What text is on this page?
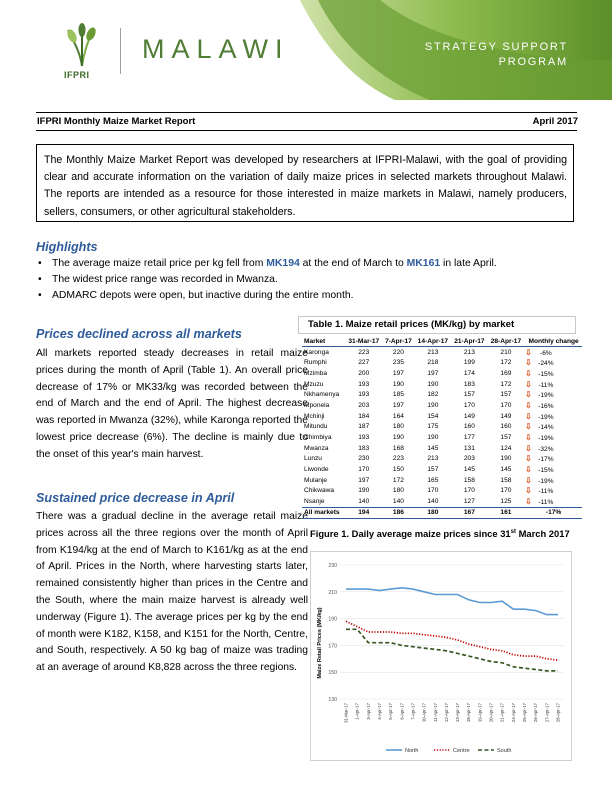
IFPRI
MALAWI	STRATEGY SUPPORT
PROGRAM
IFPRI Monthly Maize Market Report	April 2017
The Monthly Maize Market Report was developed by researchers at IFPRI-Malawi, with the goal of providing clear and accurate information on the variation of daily maize prices in selected markets throughout Malawi. The reports are intended as a resource for those interested in maize markets in Malawi, namely producers, sellers, consumers, or other agricultural stakeholders.
Highlights
• The average maize retail price per kg fell from MK194 at the end of March to MK161 in late April.
• The widest price range was recorded in Mwanza.
• ADMARC depots were open, but inactive during the entire month.
Prices declined across all markets
All markets reported steady decreases in retail maize prices during the month of April (Table 1). An overall price decrease of 17% or MK33/kg was recorded between the end of March and the end of April. The highest decrease was reported in Mwanza (32%), while Karonga reported the lowest price decrease (6%). The decline is mainly due to the onset of this year's main harvest.
Sustained price decrease in April
There was a gradual decline in the average retail maize prices across all the three regions over the month of April from K194/kg at the end of March to K161/kg as at the end of April. Prices in the North, where harvesting starts later, remained consistently higher than prices in the Centre and the South, where the main maize harvest is already well underway (Figure 1). The average prices per kg by the end of month were K182, K158, and K151 for the North, Centre, and South, respectively. A 50 kg bag of maize was trading at an average of around K8,828 across the three regions.
Table 1. Maize retail prices (MK/kg) by market
Market	31-Mar-17	7-Apr-17	14-Apr-17	21-Apr-17	28-Apr-17	Monthly change
Karonga	223	220	213	213	210	⇩ -6%
Rumphi	227	235	218	199	172	⇩ -24%
Mzimba	200	197	197	174	169	⇩ -15%
Mzuzu	193	190	190	183	172	⇩ -11%
Nkhamenya	193	185	182	157	157	⇩ -19%
Mponela	203	197	190	170	170	⇩ -16%
Mchinji	184	164	154	149	149	⇩ -19%
Mitundu	187	180	175	160	160	⇩ -14%
Chimbiya	193	190	190	177	157	⇩ -19%
Mwanza	183	168	145	131	124	⇩ -32%
Lunzu	230	223	213	203	190	⇩ -17%
Liwonde	170	150	157	145	145	⇩ -15%
Mulanje	197	172	165	158	158	⇩ -19%
Chikwawa	190	180	170	170	170	⇩ -11%
Nsanje	140	140	140	127	125	⇩ -11%
All markets	194	186	180	167	161	-17%
Figure 1. Daily average maize prices since 31st March 2017
230
210
190
170
150
130
31-Mar-17 1-Apr-17 3-Apr-17 4-Apr-17 5-Apr-17 6-Apr-17 7-Apr-17 10-Apr-17 11-Apr-17 12-Apr-17 13-Apr-17 18-Apr-17 19-Apr-17 20-Apr-17 21-Apr-17 24-Apr-17 25-Apr-17 26-Apr-17 27-Apr-17 28-Apr-17
North	Centre	South
Maize Retail Prices (MK/kg)
